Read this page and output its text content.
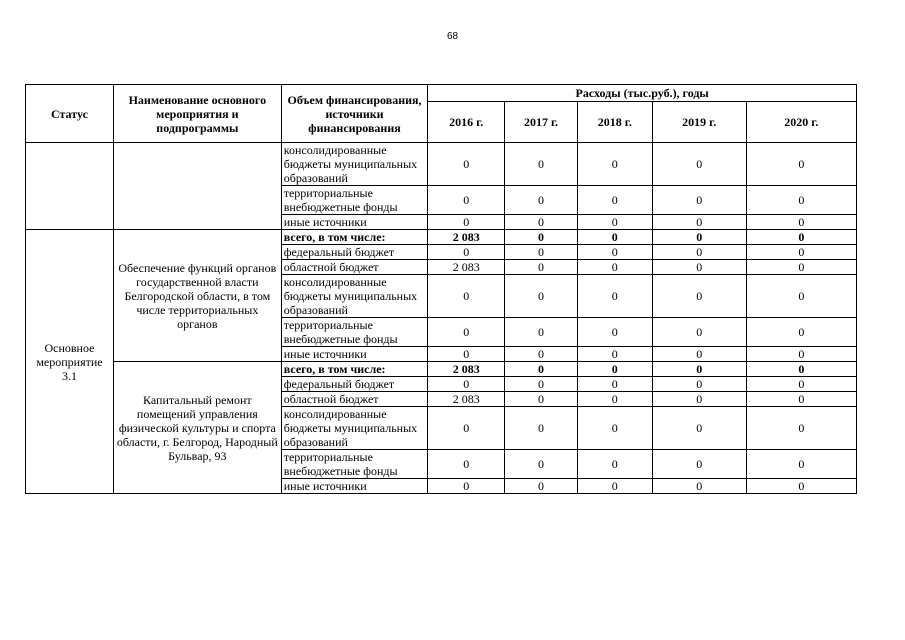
68
Статус	Наименование основного мероприятия и подпрограммы	Объем финансирования, источники финансирования	Расходы (тыс.руб.), годы				
			2016 г.	2017 г.	2018 г.	2019 г.	2020 г.
		консолидированные бюджеты муниципальных образований	0	0	0	0	0
		территориальные внебюджетные фонды	0	0	0	0	0
		иные источники	0	0	0	0	0
Основное мероприятие 3.1	Обеспечение функций органов государственной власти Белгородской области, в том числе территориальных органов	всего, в том числе:	2 083	0	0	0	0
		федеральный бюджет	0	0	0	0	0
		областной бюджет	2 083	0	0	0	0
		консолидированные бюджеты муниципальных образований	0	0	0	0	0
		территориальные внебюджетные фонды	0	0	0	0	0
		иные источники	0	0	0	0	0
	Капитальный ремонт помещений управления физической культуры и спорта области, г. Белгород, Народный Бульвар, 93	всего, в том числе:	2 083	0	0	0	0
		федеральный бюджет	0	0	0	0	0
		областной бюджет	2 083	0	0	0	0
		консолидированные бюджеты муниципальных образований	0	0	0	0	0
		территориальные внебюджетные фонды	0	0	0	0	0
		иные источники	0	0	0	0	0
